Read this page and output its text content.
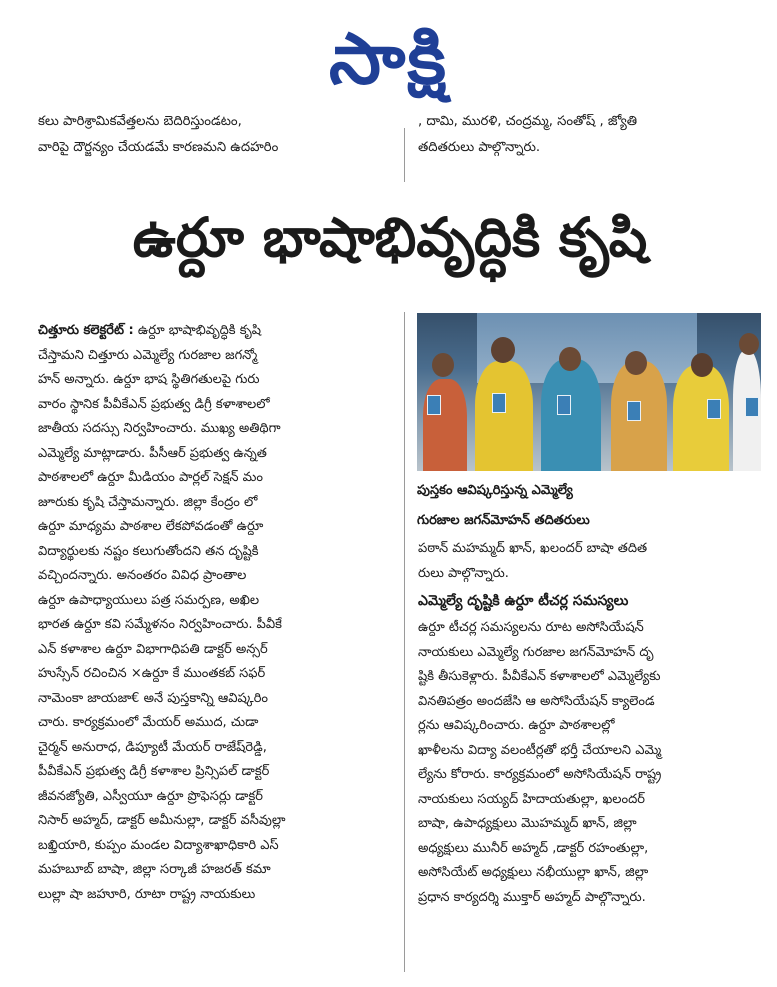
సాక్షి
కలు పారిశ్రామికవేత్తలను బెదిరిస్తుండటం,
వారిపై దౌర్జన్యం చేయడమే కారణమని ఉదహరిం
, దామి, మురళి, చంద్రమ్మ, సంతోష్ , జ్యోతి
తదితరులు పాల్గొన్నారు.
ఉర్దూ భాషాభివృద్ధికి కృషి
చిత్తూరు కలెక్టరేట్ : ఉర్దూ భాషాభివృద్ధికి కృషి
చేస్తామని చిత్తూరు ఎమ్మెల్యే గురజాల జగన్మో
హన్ అన్నారు. ఉర్దూ భాష స్థితిగతులపై గురు
వారం స్థానిక పీవీకేఎన్ ప్రభుత్వ డిగ్రీ కళాశాలలో
జాతీయ సదస్సు నిర్వహించారు. ముఖ్య అతిథిగా
ఎమ్మెల్యే మాట్లాడారు. పీసీఆర్ ప్రభుత్వ ఉన్నత
పాఠశాలలో ఉర్దూ మీడియం పార్లల్ సెక్షన్ మం
జూరుకు కృషి చేస్తామన్నారు. జిల్లా కేంద్రం లో
ఉర్దూ మాధ్యమ పాఠశాల లేకపోవడంతో ఉర్దూ
విద్యార్థులకు నష్టం కలుగుతోందని తన దృష్టికి
వచ్చిందన్నారు. అనంతరం వివిధ ప్రాంతాల
ఉర్దూ ఉపాధ్యాయులు పత్ర సమర్పణ, అఖిల
భారత ఉర్దూ కవి సమ్మేళనం నిర్వహించారు. పీవీకే
ఎన్ కళాశాల ఉర్దూ విభాగాధిపతి డాక్టర్ అన్సర్
హుస్సేన్ రచించిన ×ఉర్దూ కే ముంతకబ్ సఫర్
నామెంకా జాయజా€ అనే పుస్తకాన్ని ఆవిష్కరిం
చారు. కార్యక్రమంలో మేయర్ అముద, చుడా
చైర్మన్ అనురాధ, డిప్యూటీ మేయర్ రాజేష్‌రెడ్డి,
పీవీకేఎన్ ప్రభుత్వ డిగ్రీ కళాశాల ప్రిన్సిపల్ డాక్టర్
జీవనజ్యోతి, ఎస్వీయూ ఉర్దూ ప్రొఫెసర్లు డాక్టర్
నిసార్ అహ్మద్, డాక్టర్ అమీనుల్లా, డాక్టర్ వసీవుల్లా
బఖ్తియారి, కుప్పం మండల విద్యాశాఖాధికారి ఎస్
మహబూబ్ బాషా, జిల్లా సర్కాజీ హజరత్ కమా
లుల్లా షా జహూరి, రూటా రాష్ట్ర నాయకులు
పుస్తకం ఆవిష్కరిస్తున్న ఎమ్మెల్యే
గురజాల జగన్‌మోహన్ తదితరులు
పఠాన్ మహమ్మద్ ఖాన్, ఖలందర్ బాషా తదిత
రులు పాల్గొన్నారు.
ఎమ్మెల్యే దృష్టికి ఉర్దూ టీచర్ల సమస్యలు
ఉర్దూ టీచర్ల సమస్యలను రూట అసోసియేషన్
నాయకులు ఎమ్మెల్యే గురజాల జగన్‌మోహన్ దృ
ష్టికి తీసుకెళ్లారు. పీవీకేఎన్ కళాశాలలో ఎమ్మెల్యేకు
వినతిపత్రం అందజేసి ఆ అసోసియేషన్ క్యాలెండ
ర్లను ఆవిష్కరించారు. ఉర్దూ పాఠశాలల్లో
ఖాళీలను విద్యా వలంటీర్లతో భర్తీ చేయాలని ఎమ్మె
ల్యేను కోరారు. కార్యక్రమంలో అసోసియేషన్ రాష్ట్ర
నాయకులు సయ్యద్ హిదాయతుల్లా, ఖలందర్
బాషా, ఉపాధ్యక్షులు మొహమ్మద్ ఖాన్, జిల్లా
అధ్యక్షులు మునీర్ అహ్మద్ ,డాక్టర్ రహంతుల్లా,
అసోసియేట్ అధ్యక్షులు నభీయుల్లా ఖాన్, జిల్లా
ప్రధాన కార్యదర్శి ముక్తార్ అహ్మద్ పాల్గొన్నారు.
